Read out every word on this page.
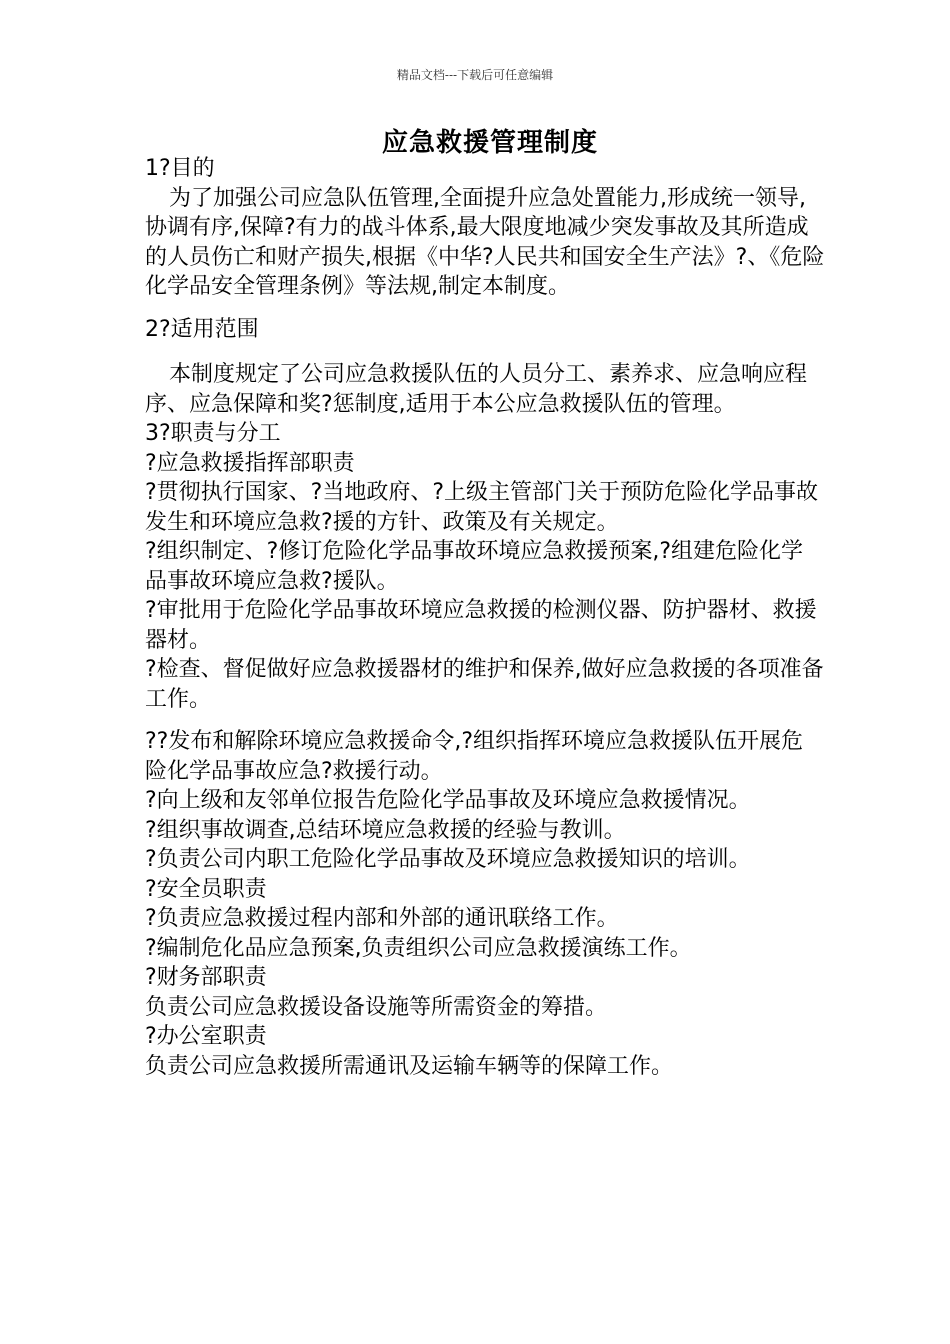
精品文档---下载后可任意编辑
应急救援管理制度

1?目的

为了加强公司应急队伍管理,全面提升应急处置能力,形成统一领导,协调有序,保障?有力的战斗体系,最大限度地减少突发事故及其所造成的人员伤亡和财产损失,根据《中华?人民共和国安全生产法》?、《危险化学品安全管理条例》等法规,制定本制度。

2?适用范围

本制度规定了公司应急救援队伍的人员分工、素养求、应急响应程序、应急保障和奖?惩制度,适用于本公应急救援队伍的管理。

3?职责与分工

?应急救援指挥部职责

?贯彻执行国家、?当地政府、?上级主管部门关于预防危险化学品事故发生和环境应急救?援的方针、政策及有关规定。

?组织制定、?修订危险化学品事故环境应急救援预案,?组建危险化学品事故环境应急救?援队。

?审批用于危险化学品事故环境应急救援的检测仪器、防护器材、救援器材。

?检查、督促做好应急救援器材的维护和保养,做好应急救援的各项准备工作。

??发布和解除环境应急救援命令,?组织指挥环境应急救援队伍开展危险化学品事故应急?救援行动。

?向上级和友邻单位报告危险化学品事故及环境应急救援情况。

?组织事故调查,总结环境应急救援的经验与教训。

?负责公司内职工危险化学品事故及环境应急救援知识的培训。

?安全员职责

?负责应急救援过程内部和外部的通讯联络工作。

?编制危化品应急预案,负责组织公司应急救援演练工作。

?财务部职责

负责公司应急救援设备设施等所需资金的筹措。

?办公室职责

负责公司应急救援所需通讯及运输车辆等的保障工作。
